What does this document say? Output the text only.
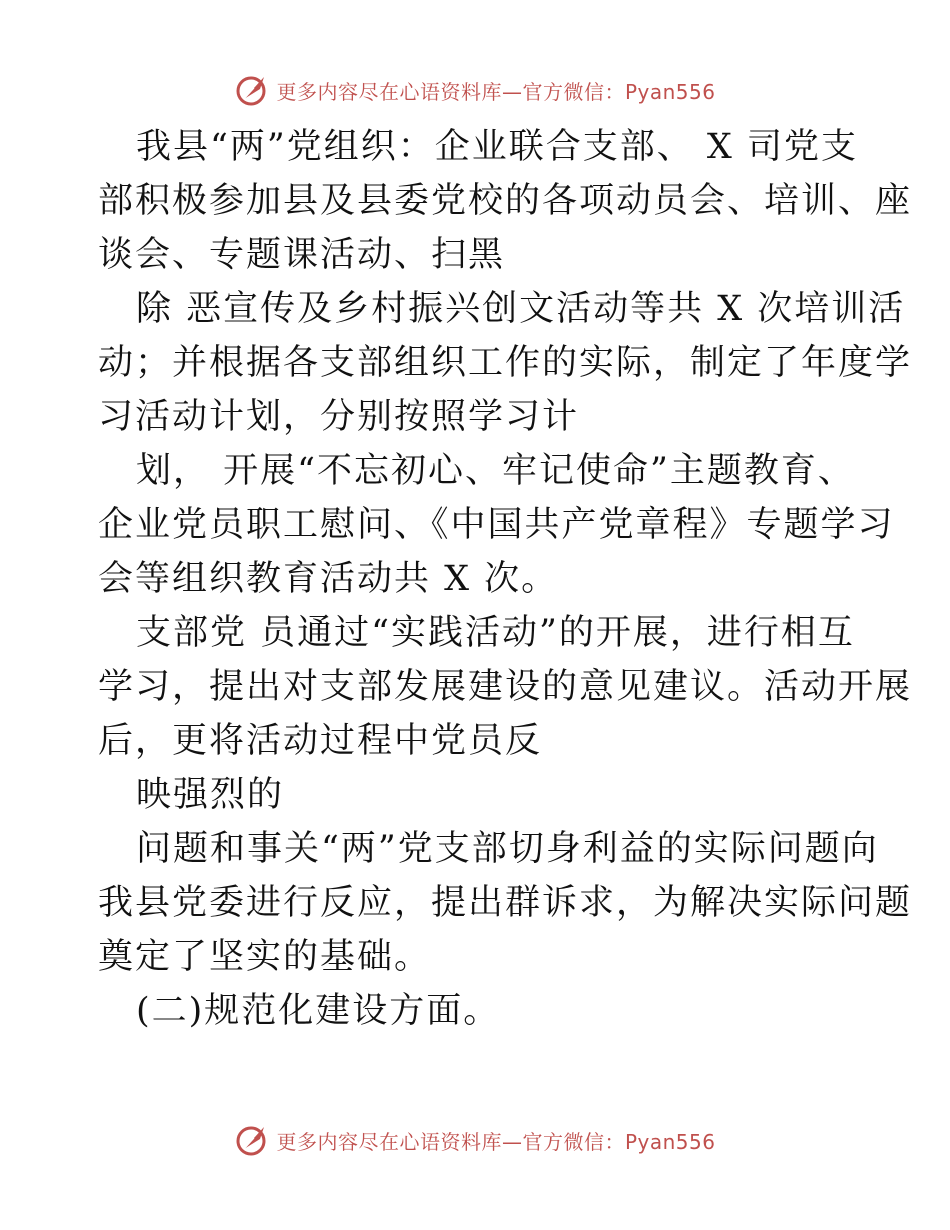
更多内容尽在心语资料库—官方微信：Pyan556

我县“两”党组织：企业联合支部、 X 司党支
部积极参加县及县委党校的各项动员会、培训、座
谈会、专题课活动、扫黑

除 恶宣传及乡村振兴创文活动等共 X 次培训活
动；并根据各支部组织工作的实际，制定了年度学
习活动计划，分别按照学习计

划， 开展“不忘初心、牢记使命”主题教育、
企业党员职工慰问、《中国共产党章程》专题学习
会等组织教育活动共 X 次。

支部党 员通过“实践活动”的开展，进行相互
学习，提出对支部发展建设的意见建议。活动开展
后，更将活动过程中党员反

映强烈的

问题和事关“两”党支部切身利益的实际问题向
我县党委进行反应，提出群诉求，为解决实际问题
奠定了坚实的基础。

(二)规范化建设方面。

更多内容尽在心语资料库—官方微信：Pyan556
